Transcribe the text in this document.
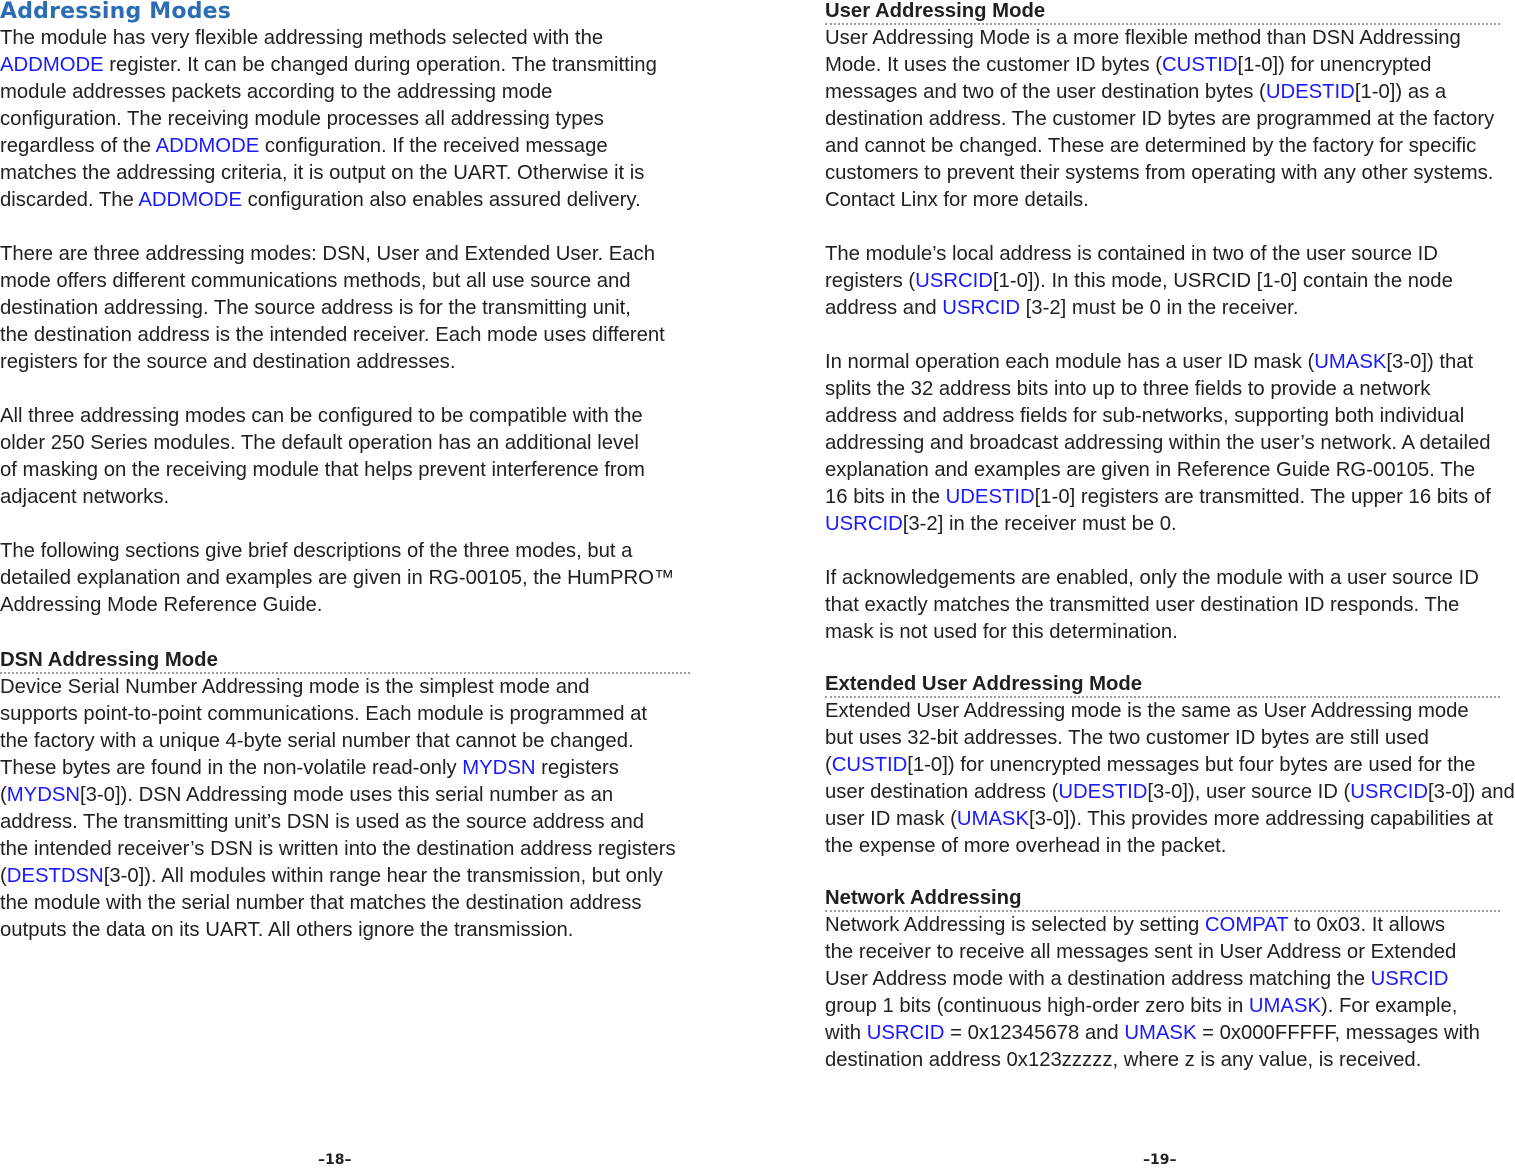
Addressing Modes

The module has very flexible addressing methods selected with the

ADDMODE register. It can be changed during operation. The transmitting

module addresses packets according to the addressing mode

configuration. The receiving module processes all addressing types

regardless of the ADDMODE configuration. If the received message

matches the addressing criteria, it is output on the UART. Otherwise it is

discarded. The ADDMODE configuration also enables assured delivery.

There are three addressing modes: DSN, User and Extended User. Each

mode offers different communications methods, but all use source and

destination addressing. The source address is for the transmitting unit,

the destination address is the intended receiver. Each mode uses different

registers for the source and destination addresses.

All three addressing modes can be configured to be compatible with the

older 250 Series modules. The default operation has an additional level

of masking on the receiving module that helps prevent interference from

adjacent networks.

The following sections give brief descriptions of the three modes, but a

detailed explanation and examples are given in RG-00105, the HumPRO™

Addressing Mode Reference Guide.

DSN Addressing Mode

Device Serial Number Addressing mode is the simplest mode and

supports point-to-point communications. Each module is programmed at

the factory with a unique 4-byte serial number that cannot be changed.

These bytes are found in the non-volatile read-only MYDSN registers

(MYDSN[3-0]). DSN Addressing mode uses this serial number as an

address. The transmitting unit’s DSN is used as the source address and

the intended receiver’s DSN is written into the destination address registers

(DESTDSN[3-0]). All modules within range hear the transmission, but only

the module with the serial number that matches the destination address

outputs the data on its UART. All others ignore the transmission.

User Addressing Mode

User Addressing Mode is a more flexible method than DSN Addressing

Mode. It uses the customer ID bytes (CUSTID[1-0]) for unencrypted

messages and two of the user destination bytes (UDESTID[1-0]) as a

destination address. The customer ID bytes are programmed at the factory

and cannot be changed. These are determined by the factory for specific

customers to prevent their systems from operating with any other systems.

Contact Linx for more details.

The module’s local address is contained in two of the user source ID

registers (USRCID[1-0]). In this mode, USRCID [1-0] contain the node

address and USRCID [3-2] must be 0 in the receiver.

In normal operation each module has a user ID mask (UMASK[3-0]) that

splits the 32 address bits into up to three fields to provide a network

address and address fields for sub-networks, supporting both individual

addressing and broadcast addressing within the user’s network. A detailed

explanation and examples are given in Reference Guide RG-00105. The

16 bits in the UDESTID[1-0] registers are transmitted. The upper 16 bits of

USRCID[3-2] in the receiver must be 0.

If acknowledgements are enabled, only the module with a user source ID

that exactly matches the transmitted user destination ID responds. The

mask is not used for this determination.

Extended User Addressing Mode

Extended User Addressing mode is the same as User Addressing mode

but uses 32-bit addresses. The two customer ID bytes are still used

(CUSTID[1-0]) for unencrypted messages but four bytes are used for the

user destination address (UDESTID[3-0]), user source ID (USRCID[3-0]) and

user ID mask (UMASK[3-0]). This provides more addressing capabilities at

the expense of more overhead in the packet.

Network Addressing

Network Addressing is selected by setting COMPAT to 0x03. It allows

the receiver to receive all messages sent in User Address or Extended

User Address mode with a destination address matching the USRCID

group 1 bits (continuous high-order zero bits in UMASK). For example,

with USRCID = 0x12345678 and UMASK = 0x000FFFFF, messages with

destination address 0x123zzzzz, where z is any value, is received.

–18–	–19–
